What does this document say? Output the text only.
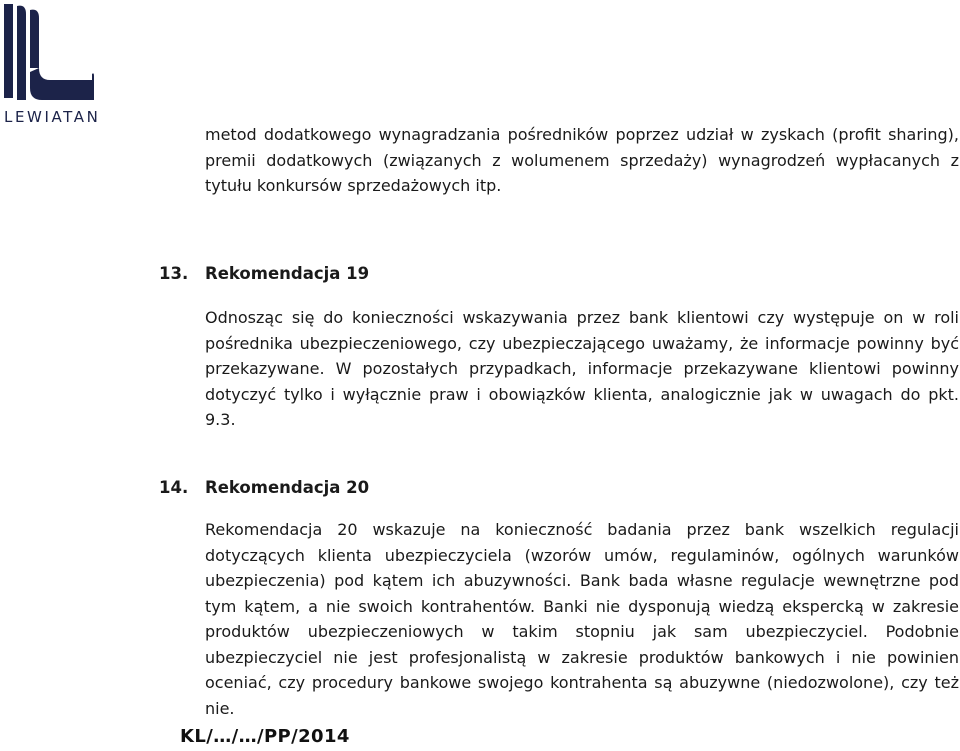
LEWIATAN

metod dodatkowego wynagradzania pośredników poprzez udział w zyskach (profit sharing), premii dodatkowych (związanych z wolumenem sprzedaży) wynagrodzeń wypłacanych z tytułu konkursów sprzedażowych itp.

13.	Rekomendacja 19

Odnosząc się do konieczności wskazywania przez bank klientowi czy występuje on w roli pośrednika ubezpieczeniowego, czy ubezpieczającego uważamy, że informacje powinny być przekazywane. W pozostałych przypadkach, informacje przekazywane klientowi powinny dotyczyć tylko i wyłącznie praw i obowiązków klienta, analogicznie jak w uwagach do pkt. 9.3.

14.	Rekomendacja 20

Rekomendacja 20 wskazuje na konieczność badania przez bank wszelkich regulacji dotyczących klienta ubezpieczyciela (wzorów umów, regulaminów, ogólnych warunków ubezpieczenia) pod kątem ich abuzywności. Bank bada własne regulacje wewnętrzne pod tym kątem, a nie swoich kontrahentów. Banki nie dysponują wiedzą ekspercką w zakresie produktów ubezpieczeniowych w takim stopniu jak sam ubezpieczyciel. Podobnie ubezpieczyciel nie jest profesjonalistą w zakresie produktów bankowych i nie powinien oceniać, czy procedury bankowe swojego kontrahenta są abuzywne (niedozwolone), czy też nie.

KL/…/…/PP/2014
